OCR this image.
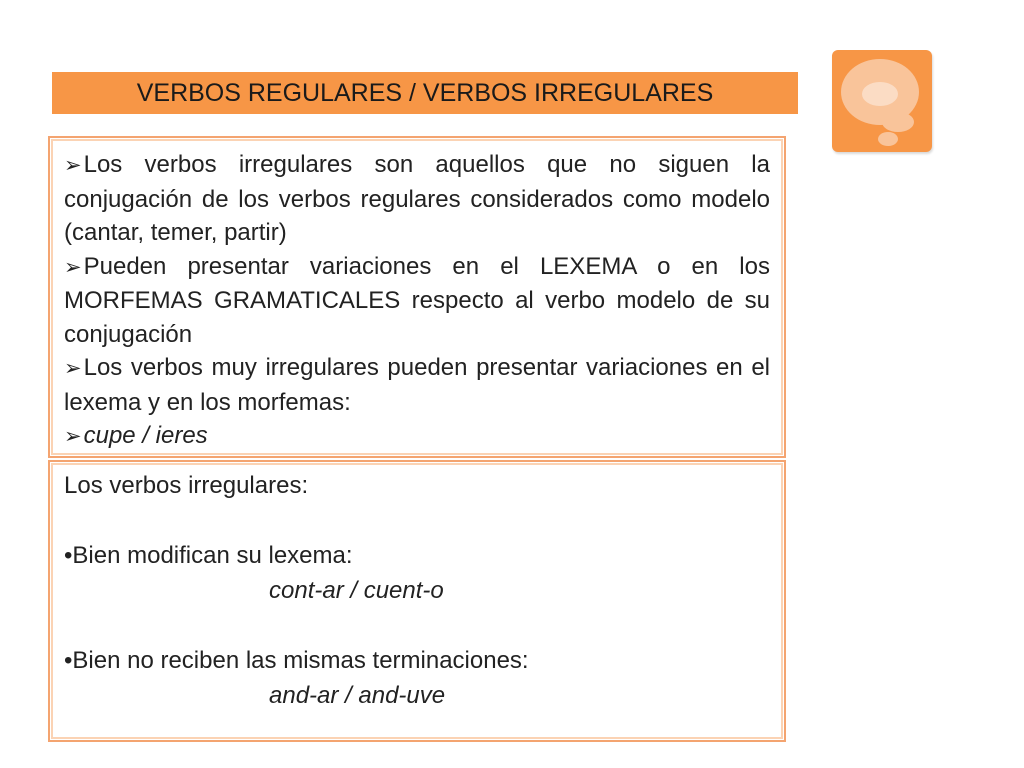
VERBOS REGULARES / VERBOS IRREGULARES

➢Los verbos irregulares son aquellos que no siguen la conjugación de los verbos regulares considerados como modelo (cantar, temer, partir)

➢Pueden presentar variaciones en el LEXEMA o en los MORFEMAS GRAMATICALES respecto al verbo modelo de su conjugación

➢Los verbos muy irregulares pueden presentar variaciones en el lexema y en los morfemas:

➢cupe / ieres

Los verbos irregulares:

•Bien modifican su lexema:

cont-ar / cuent-o

•Bien no reciben las mismas terminaciones:

and-ar / and-uve
